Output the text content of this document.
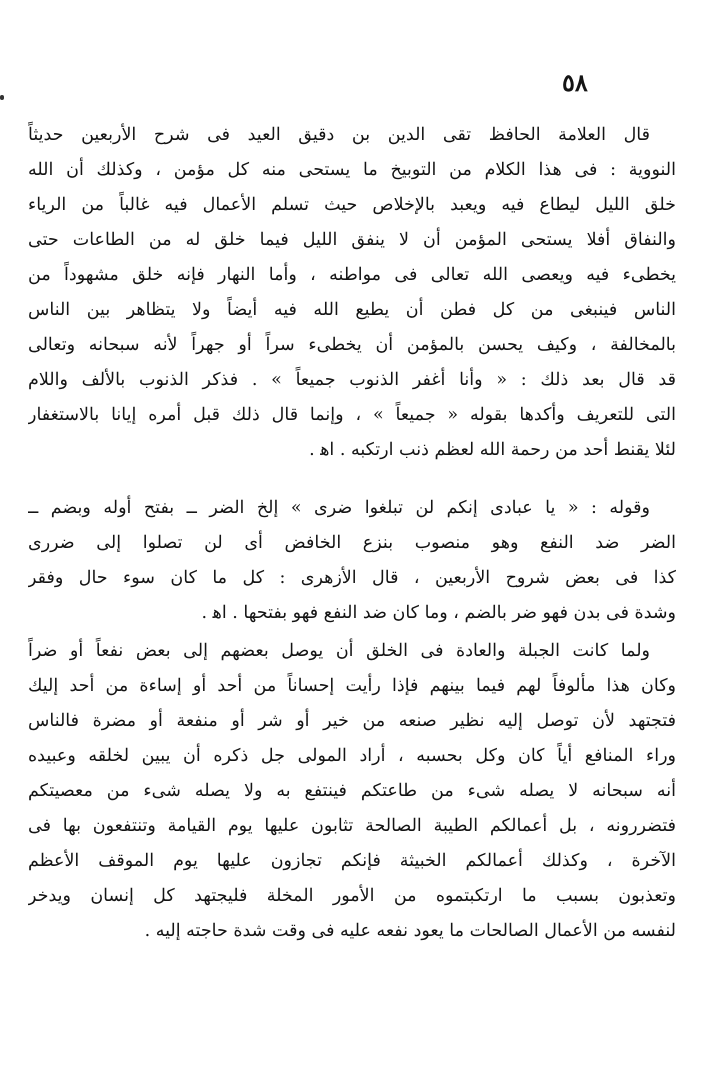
٥٨
قال العلامة الحافظ تقى الدين بن دقيق العيد فى شرح الأربعين حديثاً
النووية : فى هذا الكلام من التوبيخ ما يستحى منه كل مؤمن ، وكذلك أن الله
خلق الليل ليطاع فيه ويعبد بالإخلاص حيث تسلم الأعمال فيه غالباً من الرياء
والنفاق أفلا يستحى المؤمن أن لا ينفق الليل فيما خلق له من الطاعات حتى
يخطىء فيه ويعصى الله تعالى فى مواطنه ، وأما النهار فإنه خلق مشهوداً من
الناس فينبغى من كل فطن أن يطيع الله فيه أيضاً ولا يتظاهر بين الناس
بالمخالفة ، وكيف يحسن بالمؤمن أن يخطىء سراً أو جهراً لأنه سبحانه وتعالى
قد قال بعد ذلك : « وأنا أغفر الذنوب جميعاً » . فذكر الذنوب بالألف واللام
التى للتعريف وأكدها بقوله « جميعاً » ، وإنما قال ذلك قبل أمره إيانا بالاستغفار
لئلا يقنط أحد من رحمة الله لعظم ذنب ارتكبه . اﻫ .
وقوله : « يا عبادى إنكم لن تبلغوا ضرى » إلخ الضر ــ بفتح أوله وبضم ــ
الضر ضد النفع وهو منصوب بنزع الخافض أى لن تصلوا إلى ضررى
كذا فى بعض شروح الأربعين ، قال الأزهرى : كل ما كان سوء حال وفقر
وشدة فى بدن فهو ضر بالضم ، وما كان ضد النفع فهو بفتحها . اﻫ .
ولما كانت الجبلة والعادة فى الخلق أن يوصل بعضهم إلى بعض نفعاً أو ضراً
وكان هذا مألوفاً لهم فيما بينهم فإذا رأيت إحساناً من أحد أو إساءة من أحد إليك
فتجتهد لأن توصل إليه نظير صنعه من خير أو شر أو منفعة أو مضرة فالناس
وراء المنافع أياً كان وكل بحسبه ، أراد المولى جل ذكره أن يبين لخلقه وعبيده
أنه سبحانه لا يصله شىء من طاعتكم فينتفع به ولا يصله شىء من معصيتكم
فتضررونه ، بل أعمالكم الطيبة الصالحة تثابون عليها يوم القيامة وتنتفعون بها فى
الآخرة ، وكذلك أعمالكم الخبيثة فإنكم تجازون عليها يوم الموقف الأعظم
وتعذبون بسبب ما ارتكبتموه من الأمور المخلة فليجتهد كل إنسان ويدخر
لنفسه من الأعمال الصالحات ما يعود نفعه عليه فى وقت شدة حاجته إليه .
